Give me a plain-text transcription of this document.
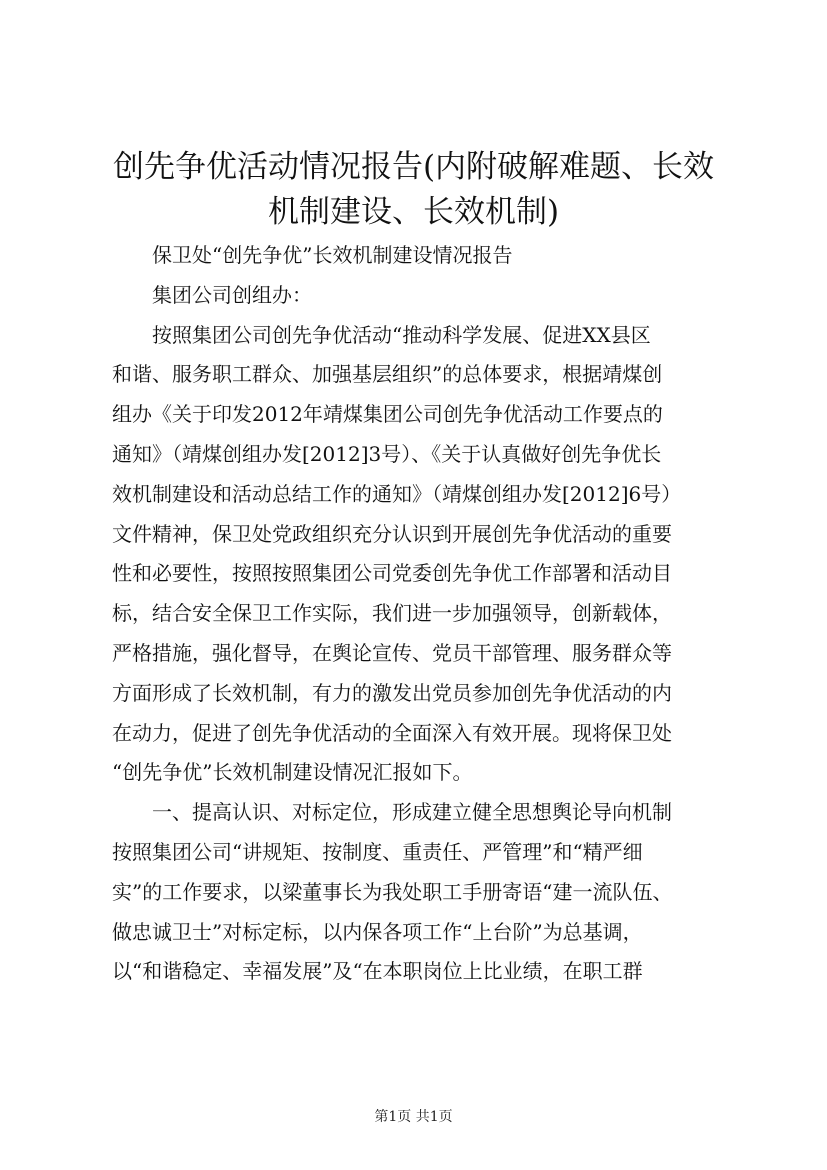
创先争优活动情况报告(内附破解难题、长效
机制建设、长效机制)
保卫处“创先争优”长效机制建设情况报告
集团公司创组办：
按照集团公司创先争优活动“推动科学发展、促进XX县区
和谐、服务职工群众、加强基层组织”的总体要求，根据靖煤创
组办《关于印发2012年靖煤集团公司创先争优活动工作要点的
通知》（靖煤创组办发[2012]3号）、《关于认真做好创先争优长
效机制建设和活动总结工作的通知》（靖煤创组办发[2012]6号）
文件精神，保卫处党政组织充分认识到开展创先争优活动的重要
性和必要性，按照按照集团公司党委创先争优工作部署和活动目
标，结合安全保卫工作实际，我们进一步加强领导，创新载体，
严格措施，强化督导，在舆论宣传、党员干部管理、服务群众等
方面形成了长效机制，有力的激发出党员参加创先争优活动的内
在动力，促进了创先争优活动的全面深入有效开展。现将保卫处
“创先争优”长效机制建设情况汇报如下。
一、提高认识、对标定位，形成建立健全思想舆论导向机制
按照集团公司“讲规矩、按制度、重责任、严管理”和“精严细
实”的工作要求，以梁董事长为我处职工手册寄语“建一流队伍、
做忠诚卫士”对标定标，以内保各项工作“上台阶”为总基调，
以“和谐稳定、幸福发展”及“在本职岗位上比业绩，在职工群
第1页 共1页
